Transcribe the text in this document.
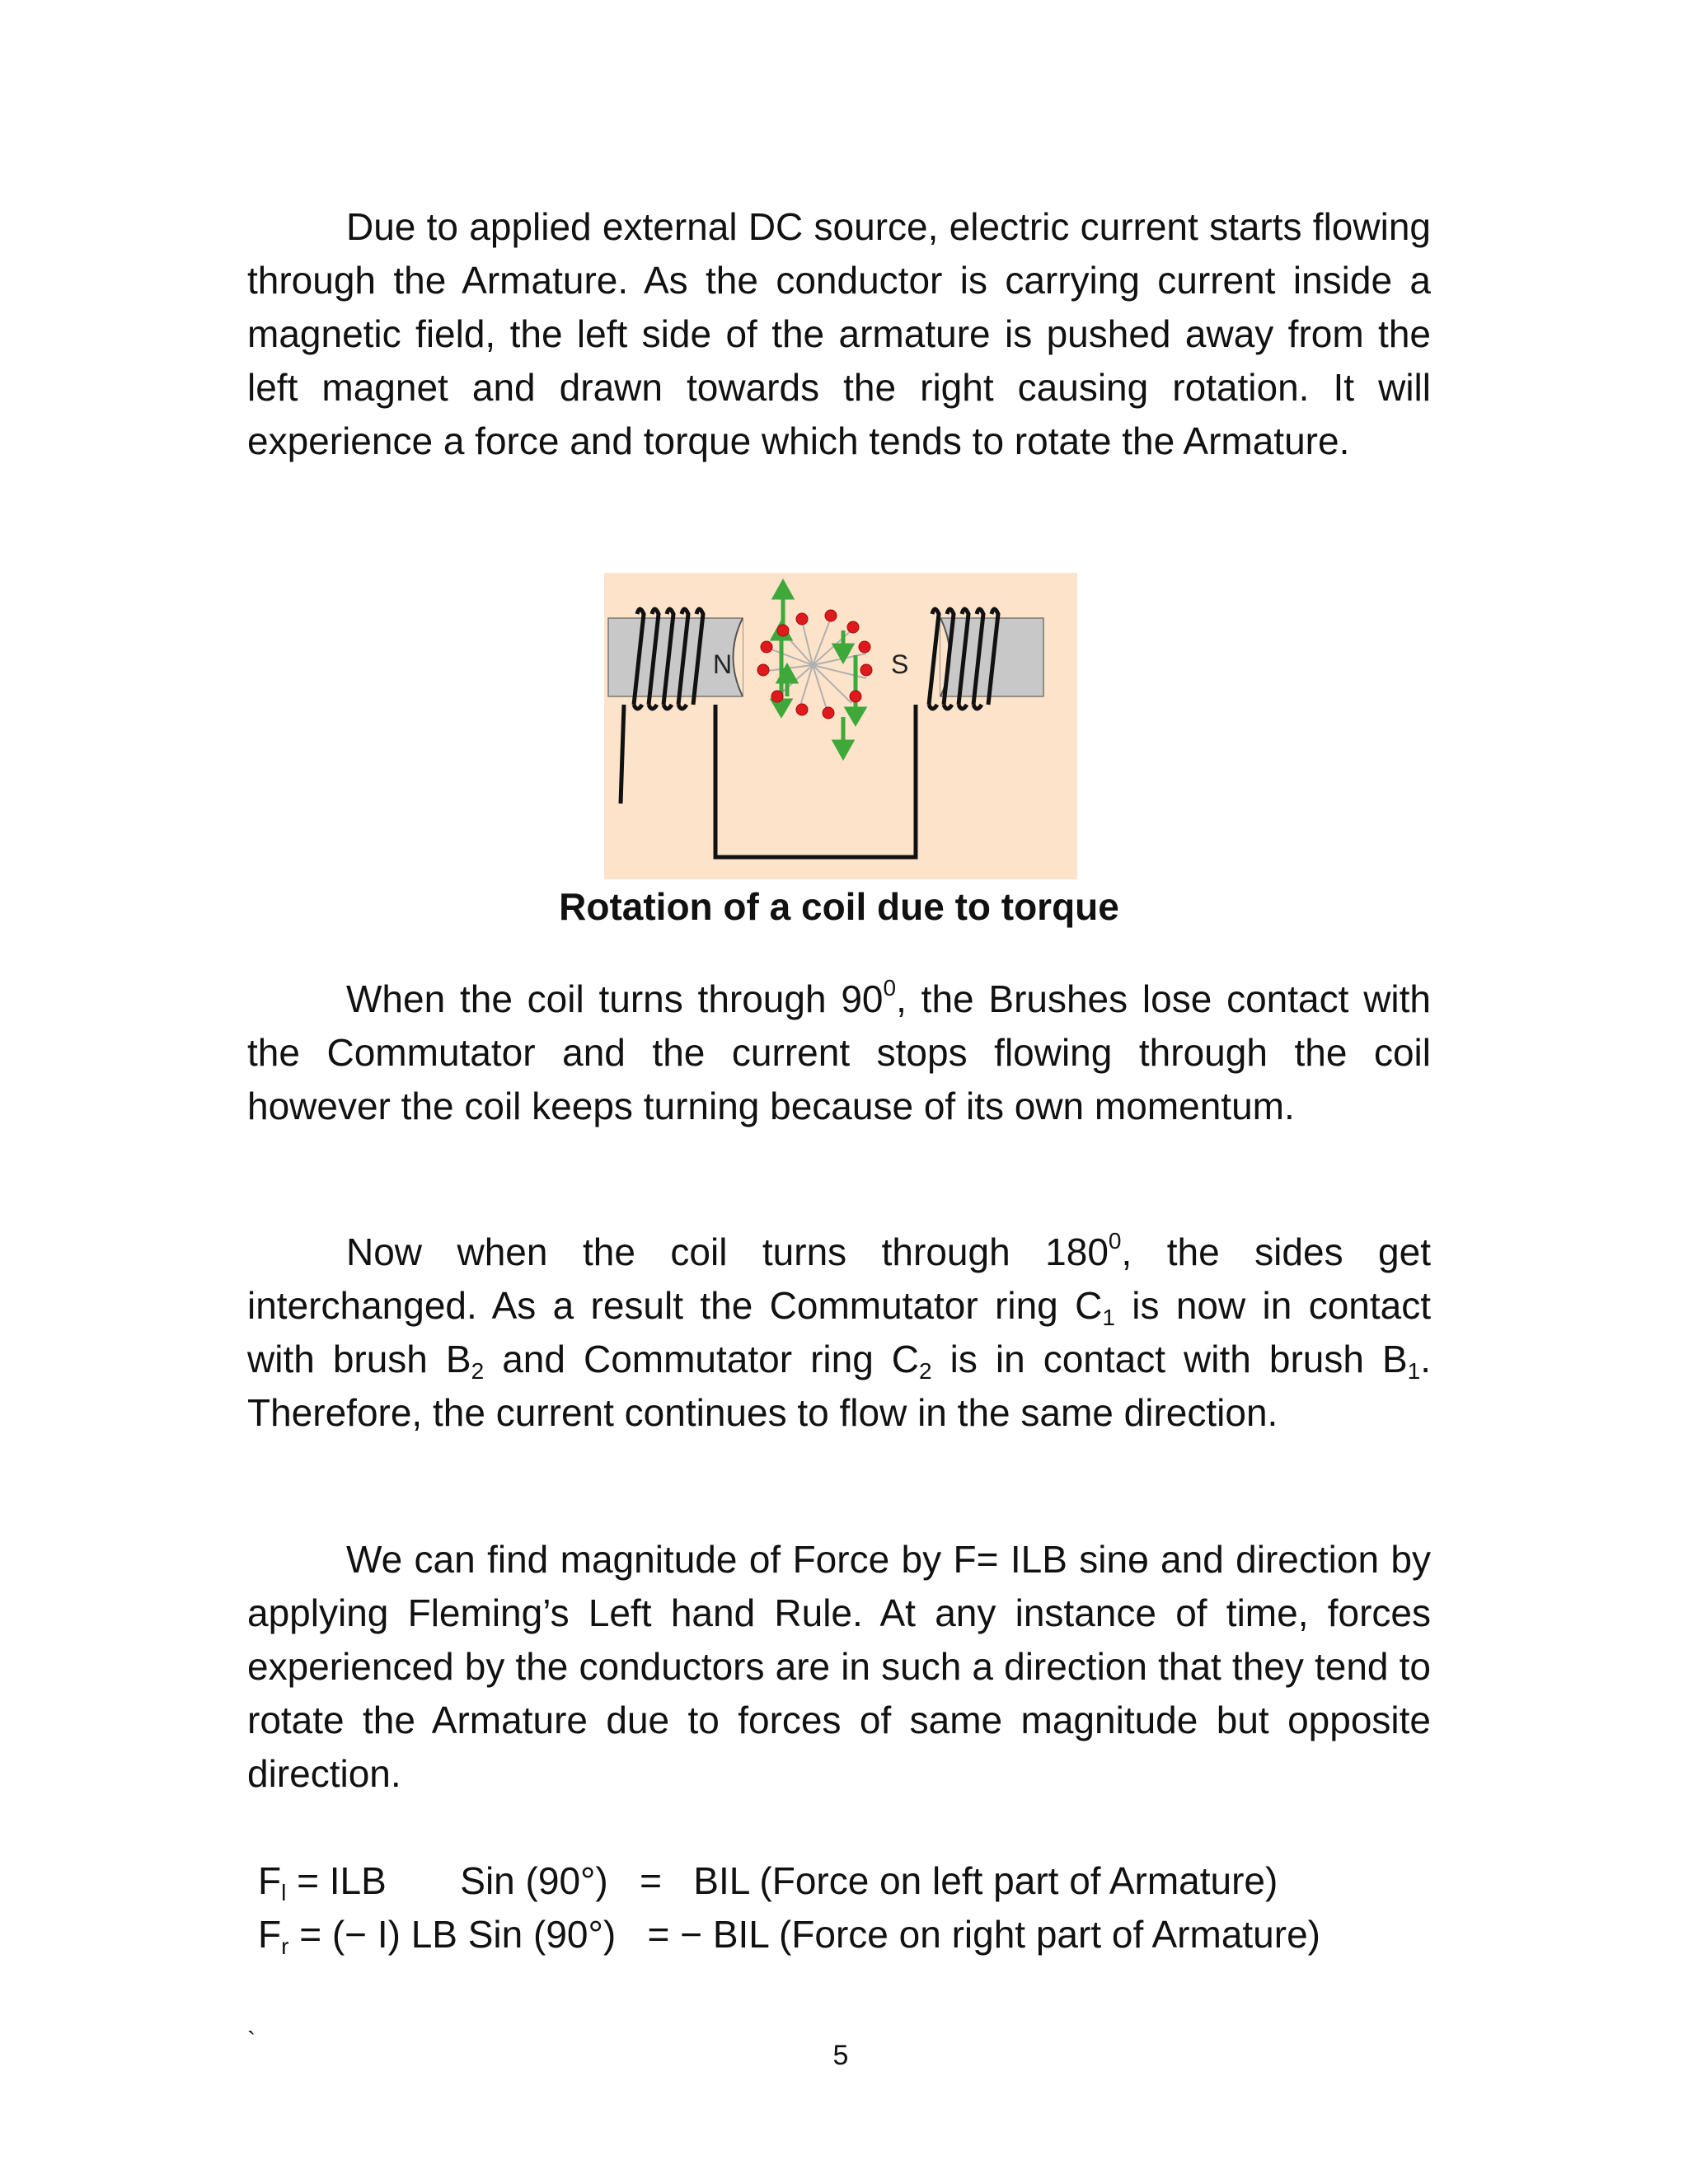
Due to applied external DC source, electric current starts flowing through the Armature. As the conductor is carrying current inside a magnetic field, the left side of the armature is pushed away from the left magnet and drawn towards the right causing rotation. It will experience a force and torque which tends to rotate the Armature.

N	S

Rotation of a coil due to torque

When the coil turns through $90^0$, the Brushes lose contact with the Commutator and the current stops flowing through the coil however the coil keeps turning because of its own momentum.

Now when the coil turns through $180^0$, the sides get interchanged. As a result the Commutator ring $C_1$ is now in contact with brush $B_2$ and Commutator ring $C_2$ is in contact with brush $B_1$. Therefore, the current continues to flow in the same direction.

We can find magnitude of Force by F= ILB sinɵ and direction by applying Fleming’s Left hand Rule. At any instance of time, forces experienced by the conductors are in such a direction that they tend to rotate the Armature due to forces of same magnitude but opposite direction.

$F_l$ = ILB       Sin (90°)   =   BIL (Force on left part of Armature)

$F_r$ = (− I) LB Sin (90°)   = − BIL (Force on right part of Armature)

`	5
